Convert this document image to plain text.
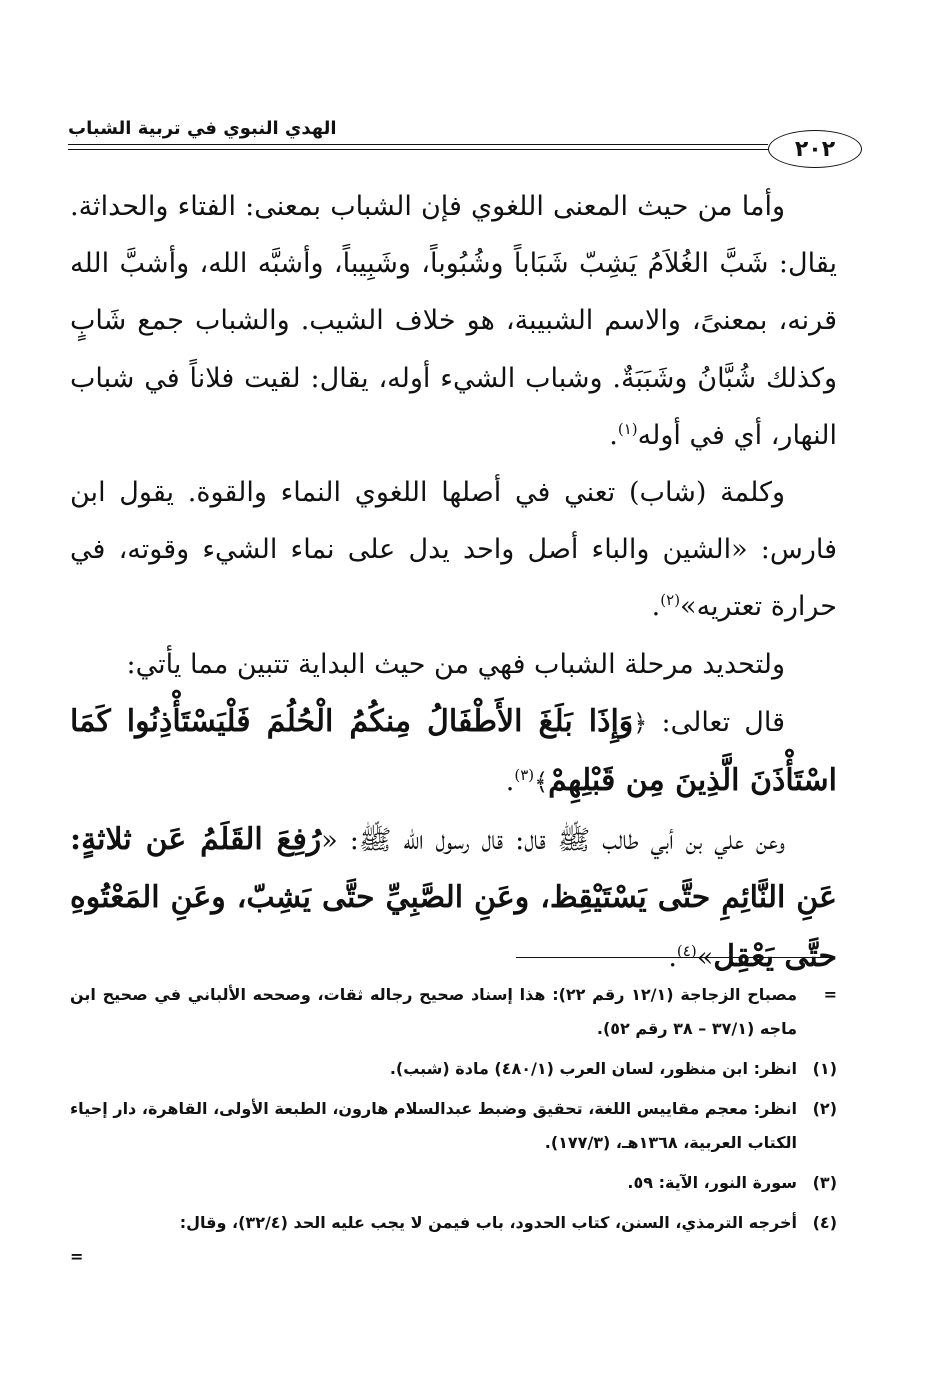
الهدي النبوي في تربية الشباب
٢٠٢

وأما من حيث المعنى اللغوي فإن الشباب بمعنى: الفتاء والحداثة. يقال: شَبَّ الغُلاَمُ يَشِبّ شَبَاباً وشُبُوباً، وشَبِيباً، وأشبَّه الله، وأشبَّ الله قرنه، بمعنىً، والاسم الشبيبة، هو خلاف الشيب. والشباب جمع شَابٍ وكذلك شُبَّانُ وشَبَبَةٌ. وشباب الشيء أوله، يقال: لقيت فلاناً في شباب النهار، أي في أوله$^{(١)}$.

وكلمة (شاب) تعني في أصلها اللغوي النماء والقوة. يقول ابن فارس: «الشين والباء أصل واحد يدل على نماء الشيء وقوته، في حرارة تعتريه»$^{(٢)}$.

ولتحديد مرحلة الشباب فهي من حيث البداية تتبين مما يأتي:

قال تعالى: ﴿وَإِذَا بَلَغَ الأَطْفَالُ مِنكُمُ الْحُلُمَ فَلْيَسْتَأْذِنُوا كَمَا اسْتَأْذَنَ الَّذِينَ مِن قَبْلِهِمْ﴾$^{(٣)}$.

وعن علي بن أبي طالب ﷺ قال: قال رسول الله ﷺ: «رُفِعَ القَلَمُ عَن ثلاثةٍ: عَنِ النَّائِمِ حتَّى يَسْتَيْقِظ، وعَنِ الصَّبِيِّ حتَّى يَشِبّ، وعَنِ المَعْتُوهِ حتَّى يَعْقِل»$^{(٤)}$.

=
مصباح الزجاجة (١٢/١ رقم ٢٢): هذا إسناد صحيح رجاله ثقات، وصححه الألباني في صحيح ابن ماجه (٣٧/١ – ٣٨ رقم ٥٢).
(١)
انظر: ابن منظور، لسان العرب (٤٨٠/١) مادة (شبب).
(٢)
انظر: معجم مقاييس اللغة، تحقيق وضبط عبدالسلام هارون، الطبعة الأولى، القاهرة، دار إحياء الكتاب العربية، ١٣٦٨هـ، (١٧٧/٣).
(٣)
سورة النور، الآية: ٥٩.
(٤)
أخرجه الترمذي، السنن، كتاب الحدود، باب فيمن لا يجب عليه الحد (٣٢/٤)، وقال:
=
